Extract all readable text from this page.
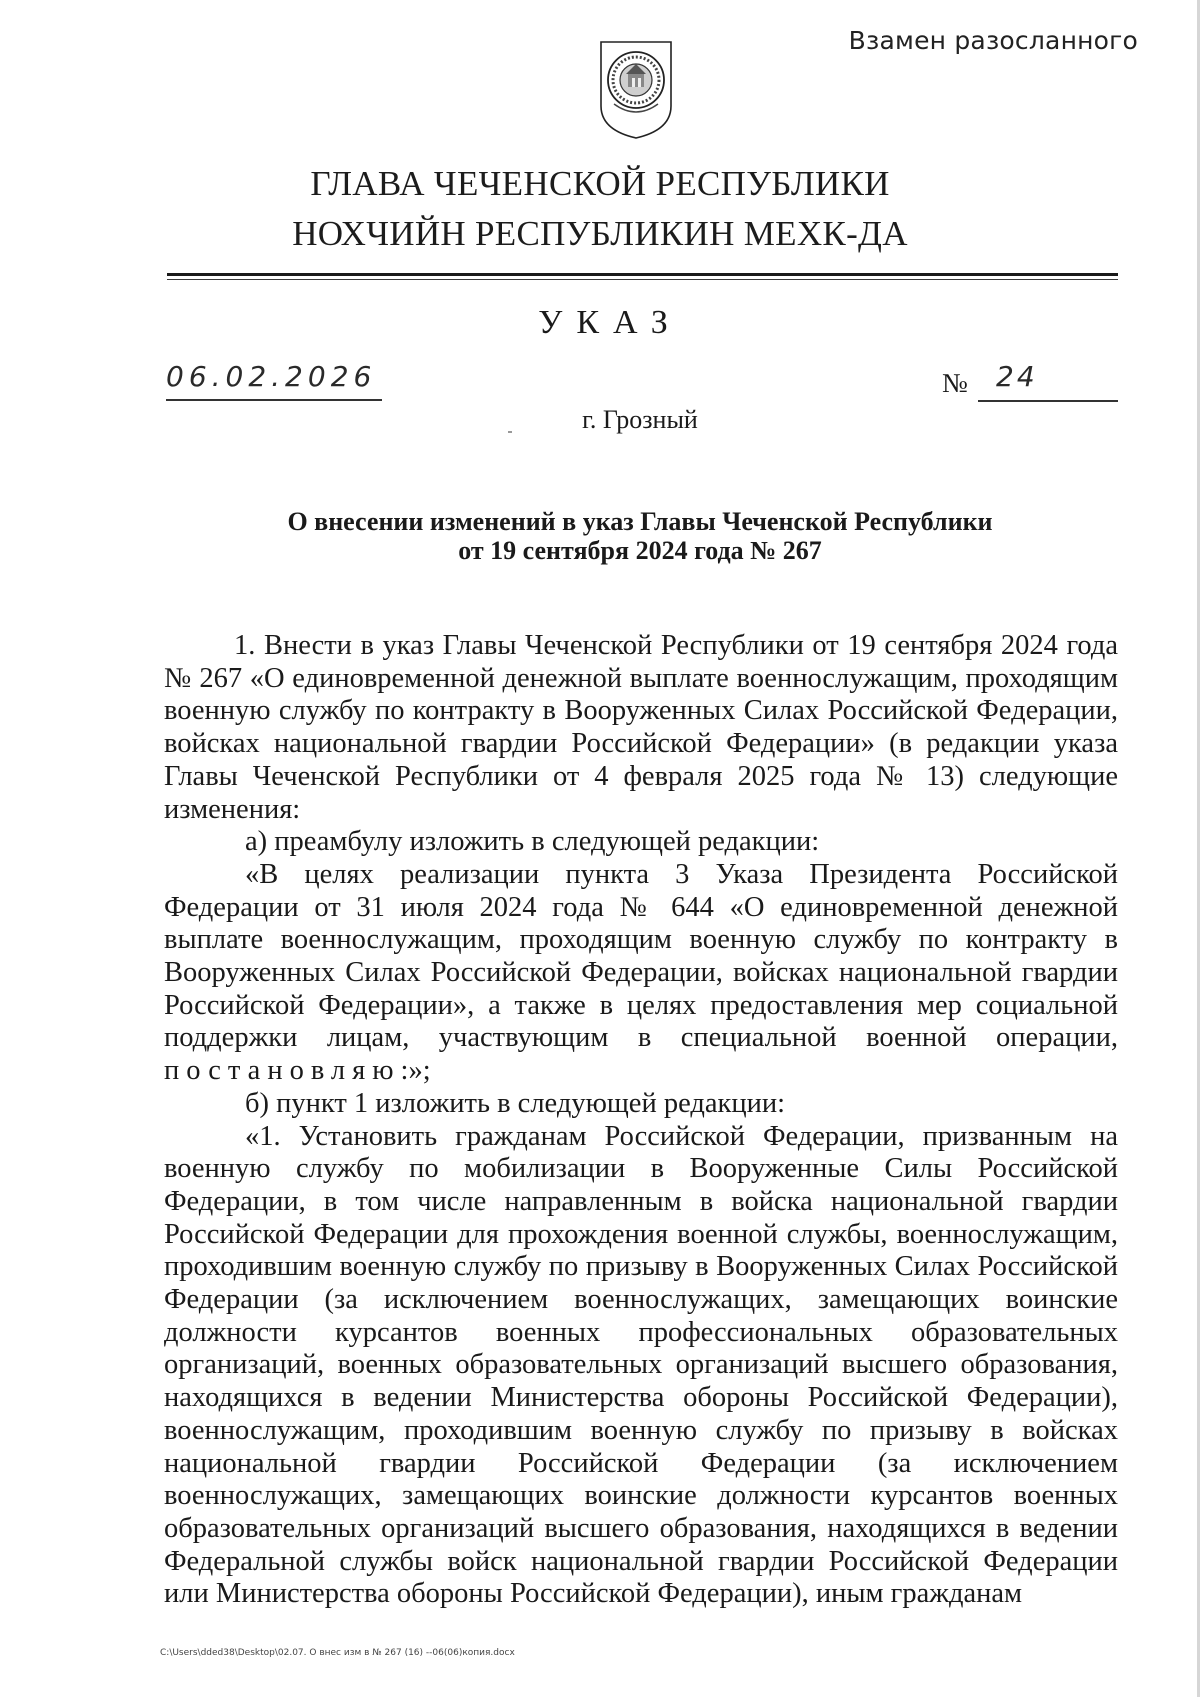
Взамен разосланного
ГЛАВА ЧЕЧЕНСКОЙ РЕСПУБЛИКИ
НОХЧИЙН РЕСПУБЛИКИН МЕХК-ДА
УКАЗ
06.02.2026	№ 24
г. Грозный
О внесении изменений в указ Главы Чеченской Республики
от 19 сентября 2024 года № 267

1. Внести в указ Главы Чеченской Республики от 19 сентября 2024 года № 267 «О единовременной денежной выплате военнослужащим, проходящим военную службу по контракту в Вооруженных Силах Российской Федерации, войсках национальной гвардии Российской Федерации» (в редакции указа Главы Чеченской Республики от 4 февраля 2025 года № 13) следующие изменения:

а) преамбулу изложить в следующей редакции:

«В целях реализации пункта 3 Указа Президента Российской Федерации от 31 июля 2024 года № 644 «О единовременной денежной выплате военнослужащим, проходящим военную службу по контракту в Вооруженных Силах Российской Федерации, войсках национальной гвардии Российской Федерации», а также в целях предоставления мер социальной поддержки лицам, участвующим в специальной военной операции, постановляю:»;

б) пункт 1 изложить в следующей редакции:

«1. Установить гражданам Российской Федерации, призванным на военную службу по мобилизации в Вооруженные Силы Российской Федерации, в том числе направленным в войска национальной гвардии Российской Федерации для прохождения военной службы, военнослужащим, проходившим военную службу по призыву в Вооруженных Силах Российской Федерации (за исключением военнослужащих, замещающих воинские должности курсантов военных профессиональных образовательных организаций, военных образовательных организаций высшего образования, находящихся в ведении Министерства обороны Российской Федерации), военнослужащим, проходившим военную службу по призыву в войсках национальной гвардии Российской Федерации (за исключением военнослужащих, замещающих воинские должности курсантов военных образовательных организаций высшего образования, находящихся в ведении Федеральной службы войск национальной гвардии Российской Федерации или Министерства обороны Российской Федерации), иным гражданам

C:\Users\dded38\Desktop\02.07. О внес изм в № 267 (16) --06(06)копия.docx
